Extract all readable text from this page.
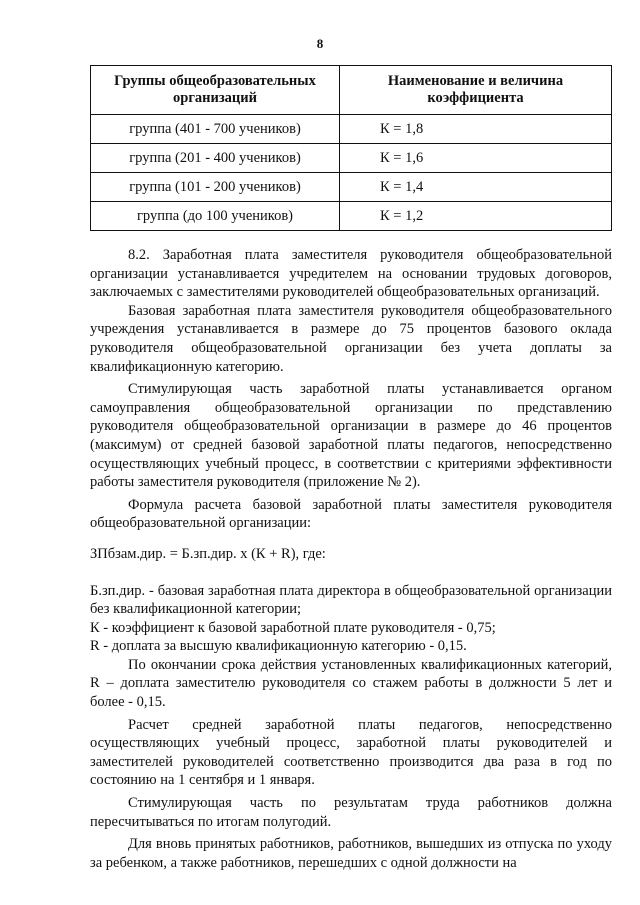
8
Группы общеобразовательных организаций	Наименование и величина коэффициента
группа (401 - 700 учеников)	К = 1,8
группа (201 - 400 учеников)	К = 1,6
группа (101 - 200 учеников)	К = 1,4
группа (до 100 учеников)	К = 1,2

8.2. Заработная плата заместителя руководителя общеобразовательной организации устанавливается учредителем на основании трудовых договоров, заключаемых с заместителями руководителей общеобразовательных организаций.

Базовая заработная плата заместителя руководителя общеобразовательного учреждения устанавливается в размере до 75 процентов базового оклада руководителя общеобразовательной организации без учета доплаты за квалификационную категорию.

Стимулирующая часть заработной платы устанавливается органом самоуправления общеобразовательной организации по представлению руководителя общеобразовательной организации в размере до 46 процентов (максимум) от средней базовой заработной платы педагогов, непосредственно осуществляющих учебный процесс, в соответствии с критериями эффективности работы заместителя руководителя (приложение № 2).

Формула расчета базовой заработной платы заместителя руководителя общеобразовательной организации:

ЗПбзам.дир. = Б.зп.дир. х (К + R), где:

Б.зп.дир. - базовая заработная плата директора в общеобразовательной организации без квалификационной категории;

К - коэффициент к базовой заработной плате руководителя - 0,75;

R - доплата за высшую квалификационную категорию - 0,15.

По окончании срока действия установленных квалификационных категорий, R – доплата заместителю руководителя со стажем работы в должности 5 лет и более - 0,15.

Расчет средней заработной платы педагогов, непосредственно осуществляющих учебный процесс, заработной платы руководителей и заместителей руководителей соответственно производится два раза в год по состоянию на 1 сентября и 1 января.

Стимулирующая часть по результатам труда работников должна пересчитываться по итогам полугодий.

Для вновь принятых работников, работников, вышедших из отпуска по уходу за ребенком, а также работников, перешедших с одной должности на
